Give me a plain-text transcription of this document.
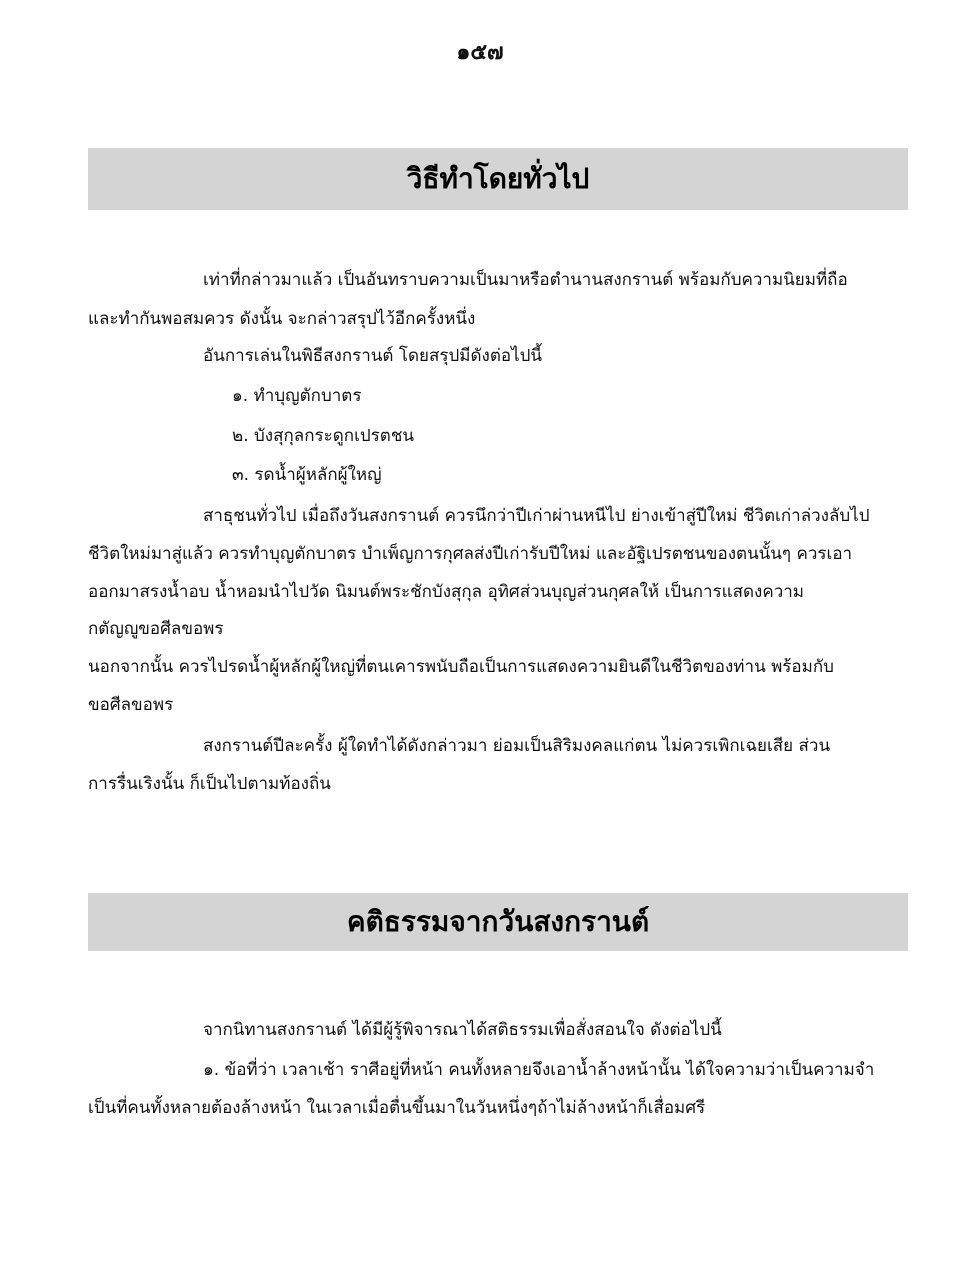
๑๕๗
วิธีทำโดยทั่วไป
เท่าที่กล่าวมาแล้ว เป็นอันทราบความเป็นมาหรือตำนานสงกรานต์ พร้อมกับความนิยมที่ถือ
และทำกันพอสมควร ดังนั้น จะกล่าวสรุปไว้อีกครั้งหนึ่ง
อันการเล่นในพิธีสงกรานต์ โดยสรุปมีดังต่อไปนี้
๑. ทำบุญตักบาตร
๒. บังสุกุลกระดูกเปรตชน
๓. รดน้ำผู้หลักผู้ใหญ่
สาธุชนทั่วไป เมื่อถึงวันสงกรานต์ ควรนึกว่าปีเก่าผ่านหนีไป ย่างเข้าสู่ปีใหม่ ชีวิตเก่าล่วงลับไป
ชีวิตใหม่มาสู่แล้ว ควรทำบุญตักบาตร บำเพ็ญการกุศลส่งปีเก่ารับปีใหม่ และอัฐิเปรตชนของตนนั้นๆ ควรเอา
ออกมาสรงน้ำอบ น้ำหอมนำไปวัด นิมนต์พระชักบังสุกุล อุทิศส่วนบุญส่วนกุศลให้ เป็นการแสดงความ
กตัญญูขอศีลขอพร
นอกจากนั้น ควรไปรดน้ำผู้หลักผู้ใหญ่ที่ตนเคารพนับถือเป็นการแสดงความยินดีในชีวิตของท่าน พร้อมกับ
ขอศีลขอพร
สงกรานต์ปีละครั้ง ผู้ใดทำได้ดังกล่าวมา ย่อมเป็นสิริมงคลแก่ตน ไม่ควรเพิกเฉยเสีย ส่วน
การรื่นเริงนั้น ก็เป็นไปตามท้องถิ่น
คติธรรมจากวันสงกรานต์
จากนิทานสงกรานต์ ได้มีผู้รู้พิจารณาได้สติธรรมเพื่อสั่งสอนใจ ดังต่อไปนี้
๑. ข้อที่ว่า เวลาเช้า ราศีอยู่ที่หน้า คนทั้งหลายจึงเอาน้ำล้างหน้านั้น ได้ใจความว่าเป็นความจำ
เป็นที่คนทั้งหลายต้องล้างหน้า ในเวลาเมื่อตื่นขึ้นมาในวันหนึ่งๆถ้าไม่ล้างหน้าก็เสื่อมศรี
